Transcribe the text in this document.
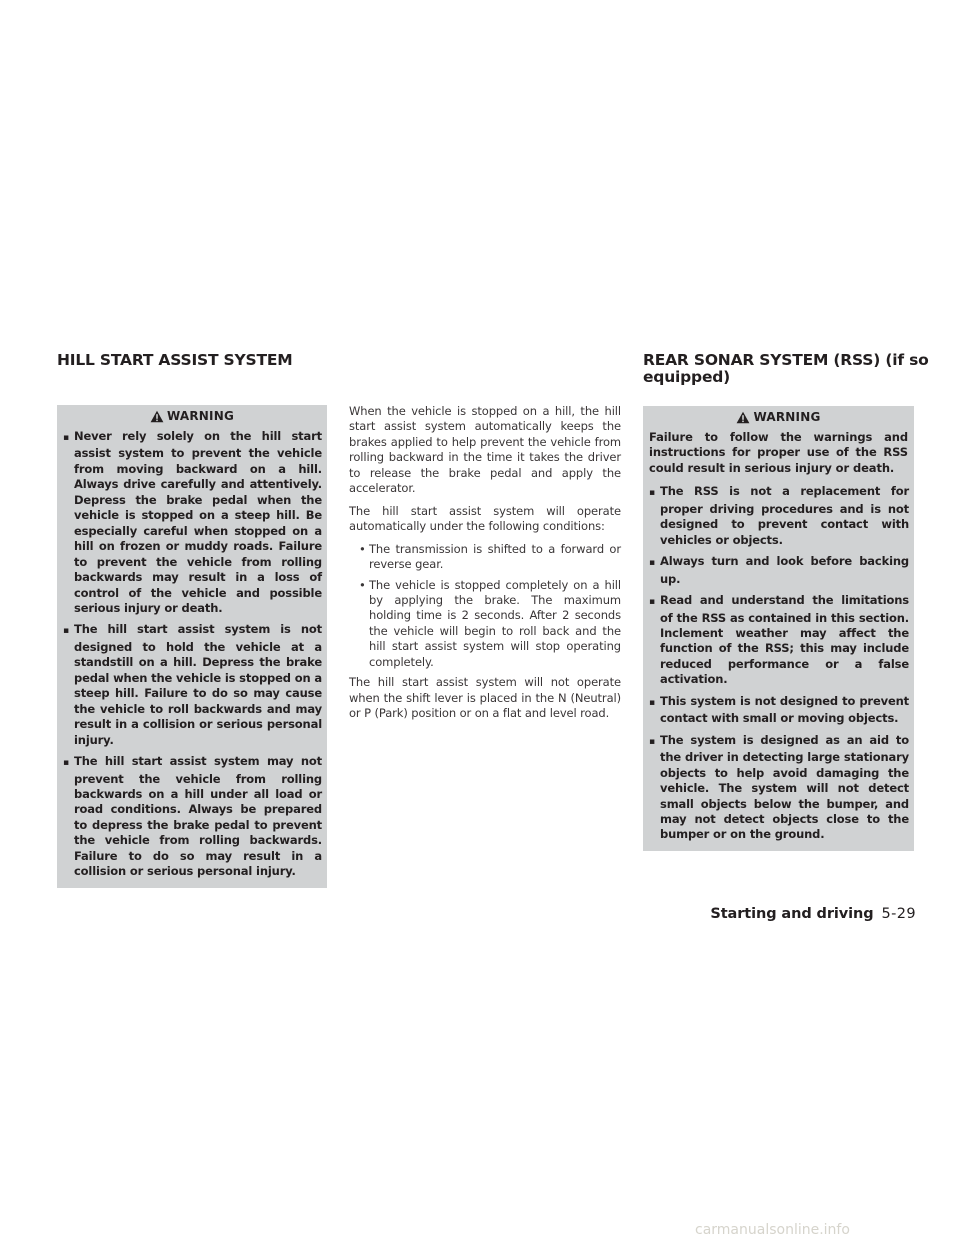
HILL START ASSIST SYSTEM
WARNING

▪ Never rely solely on the hill start assist system to prevent the vehicle from moving backward on a hill. Always drive carefully and attentively. Depress the brake pedal when the vehicle is stopped on a steep hill. Be especially careful when stopped on a hill on frozen or muddy roads. Failure to prevent the vehicle from rolling backwards may result in a loss of control of the vehicle and possible serious injury or death.

▪ The hill start assist system is not designed to hold the vehicle at a standstill on a hill. Depress the brake pedal when the vehicle is stopped on a steep hill. Failure to do so may cause the vehicle to roll backwards and may result in a collision or serious personal injury.

▪ The hill start assist system may not prevent the vehicle from rolling backwards on a hill under all load or road conditions. Always be prepared to depress the brake pedal to prevent the vehicle from rolling backwards. Failure to do so may result in a collision or serious personal injury.

When the vehicle is stopped on a hill, the hill start assist system automatically keeps the brakes applied to help prevent the vehicle from rolling backward in the time it takes the driver to release the brake pedal and apply the accelerator.

The hill start assist system will operate automatically under the following conditions:

• The transmission is shifted to a forward or reverse gear.

• The vehicle is stopped completely on a hill by applying the brake. The maximum holding time is 2 seconds. After 2 seconds the vehicle will begin to roll back and the hill start assist system will stop operating completely.

The hill start assist system will not operate when the shift lever is placed in the N (Neutral) or P (Park) position or on a flat and level road.

REAR SONAR SYSTEM (RSS) (if so equipped)
WARNING

Failure to follow the warnings and instructions for proper use of the RSS could result in serious injury or death.

▪ The RSS is not a replacement for proper driving procedures and is not designed to prevent contact with vehicles or objects.

▪ Always turn and look before backing up.

▪ Read and understand the limitations of the RSS as contained in this section. Inclement weather may affect the function of the RSS; this may include reduced performance or a false activation.

▪ This system is not designed to prevent contact with small or moving objects.

▪ The system is designed as an aid to the driver in detecting large stationary objects to help avoid damaging the vehicle. The system will not detect small objects below the bumper, and may not detect objects close to the bumper or on the ground.

Starting and driving 5-29
carmanualsonline.info
